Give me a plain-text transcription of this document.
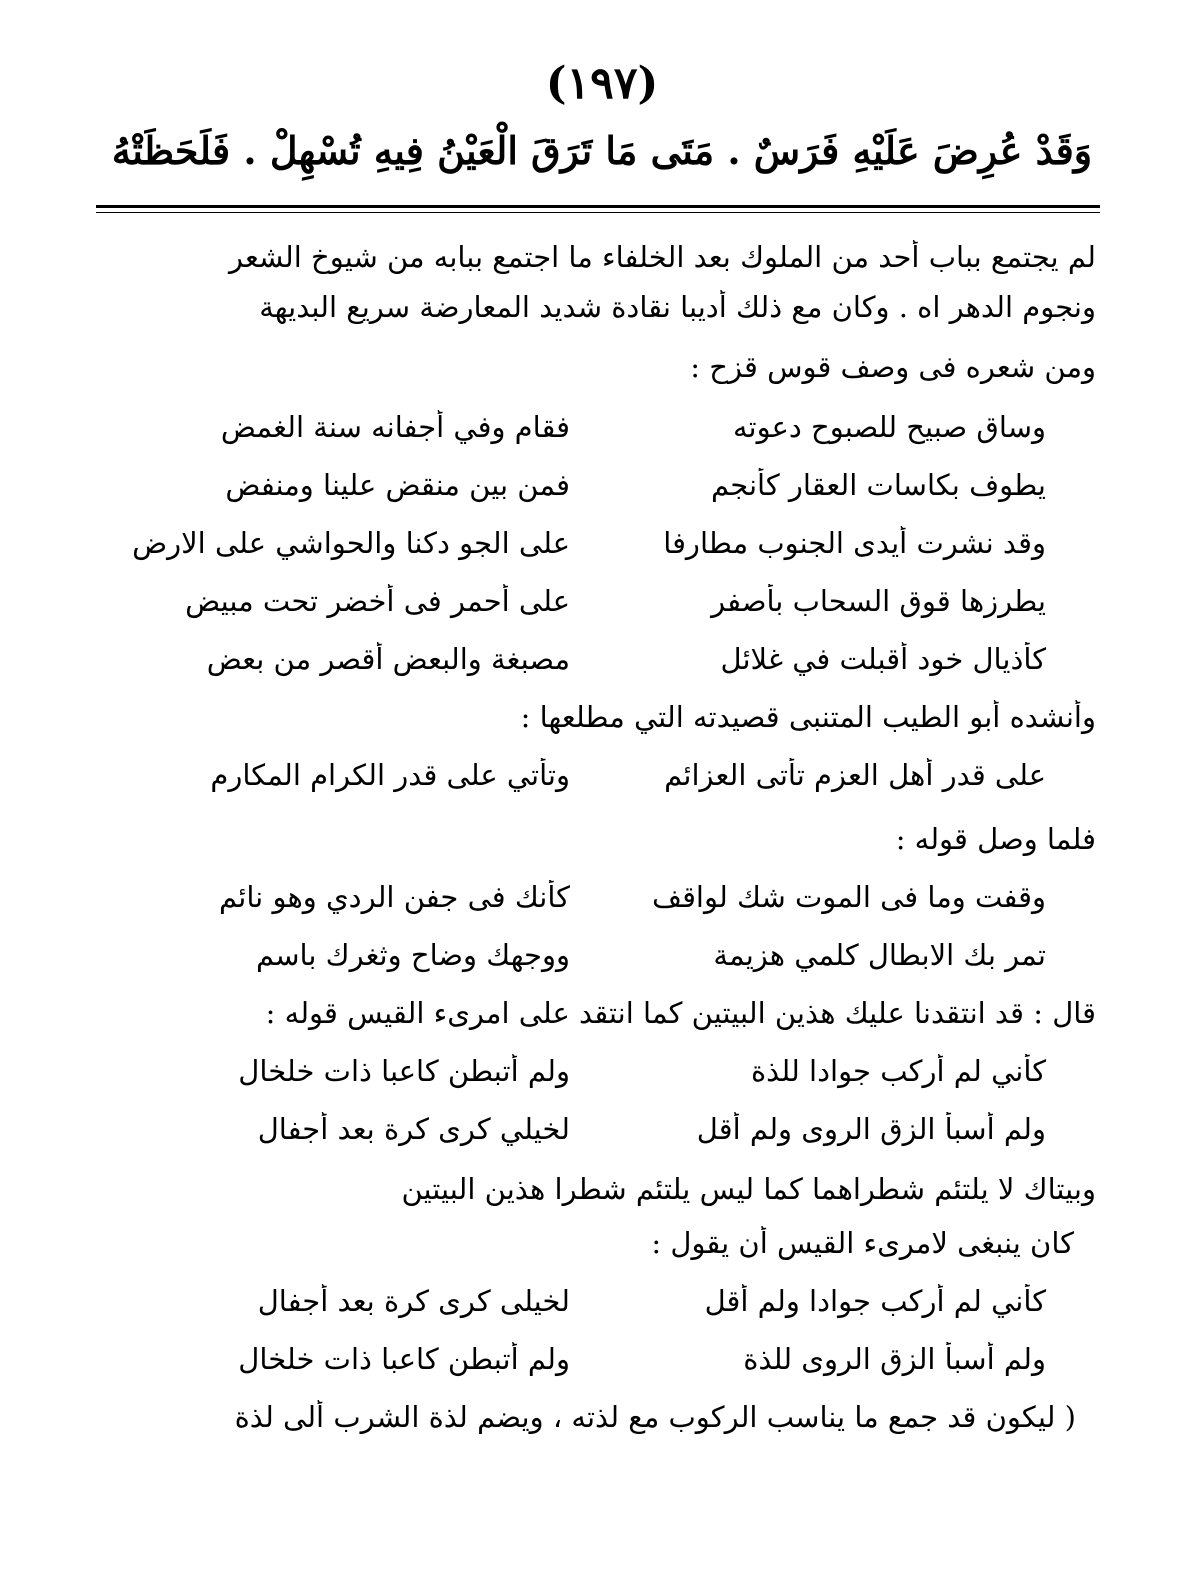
(١٩٧)
وَقَدْ عُرِضَ عَلَيْهِ فَرَسٌ . مَتَى مَا تَرَقَ الْعَيْنُ فِيهِ تُسْهِلْ . فَلَحَظَتْهُ
لم يجتمع بباب أحد من الملوك بعد الخلفاء ما اجتمع ببابه من شيوخ الشعر
ونجوم الدهر اه . وكان مع ذلك أديبا نقادة شديد المعارضة سريع البديهة
ومن شعره فى وصف قوس قزح :
وساق صبيح للصبوح دعوته
فقام وفي أجفانه سنة الغمض
يطوف بكاسات العقار كأنجم
فمن بين منقض علينا ومنفض
وقد نشرت أيدى الجنوب مطارفا
على الجو دكنا والحواشي على الارض
يطرزها قوق السحاب بأصفر
على أحمر فى أخضر تحت مبيض
كأذيال خود أقبلت في غلائل
مصبغة والبعض أقصر من بعض
وأنشده أبو الطيب المتنبى قصيدته التي مطلعها :
على قدر أهل العزم تأتى العزائم
وتأتي على قدر الكرام المكارم
فلما وصل قوله :
وقفت وما فى الموت شك لواقف
كأنك فى جفن الردي وهو نائم
تمر بك الابطال كلمي هزيمة
ووجهك وضاح وثغرك باسم
قال : قد انتقدنا عليك هذين البيتين كما انتقد على امرىء القيس قوله :
كأني لم أركب جوادا للذة
ولم أتبطن كاعبا ذات خلخال
ولم أسبأ الزق الروى ولم أقل
لخيلي كرى كرة بعد أجفال
وبيتاك لا يلتئم شطراهما كما ليس يلتئم شطرا هذين البيتين
كان ينبغى لامرىء القيس أن يقول :
كأني لم أركب جوادا ولم أقل
لخيلى كرى كرة بعد أجفال
ولم أسبأ الزق الروى للذة
ولم أتبطن كاعبا ذات خلخال
( ليكون قد جمع ما يناسب الركوب مع لذته ، ويضم لذة الشرب ألى لذة
